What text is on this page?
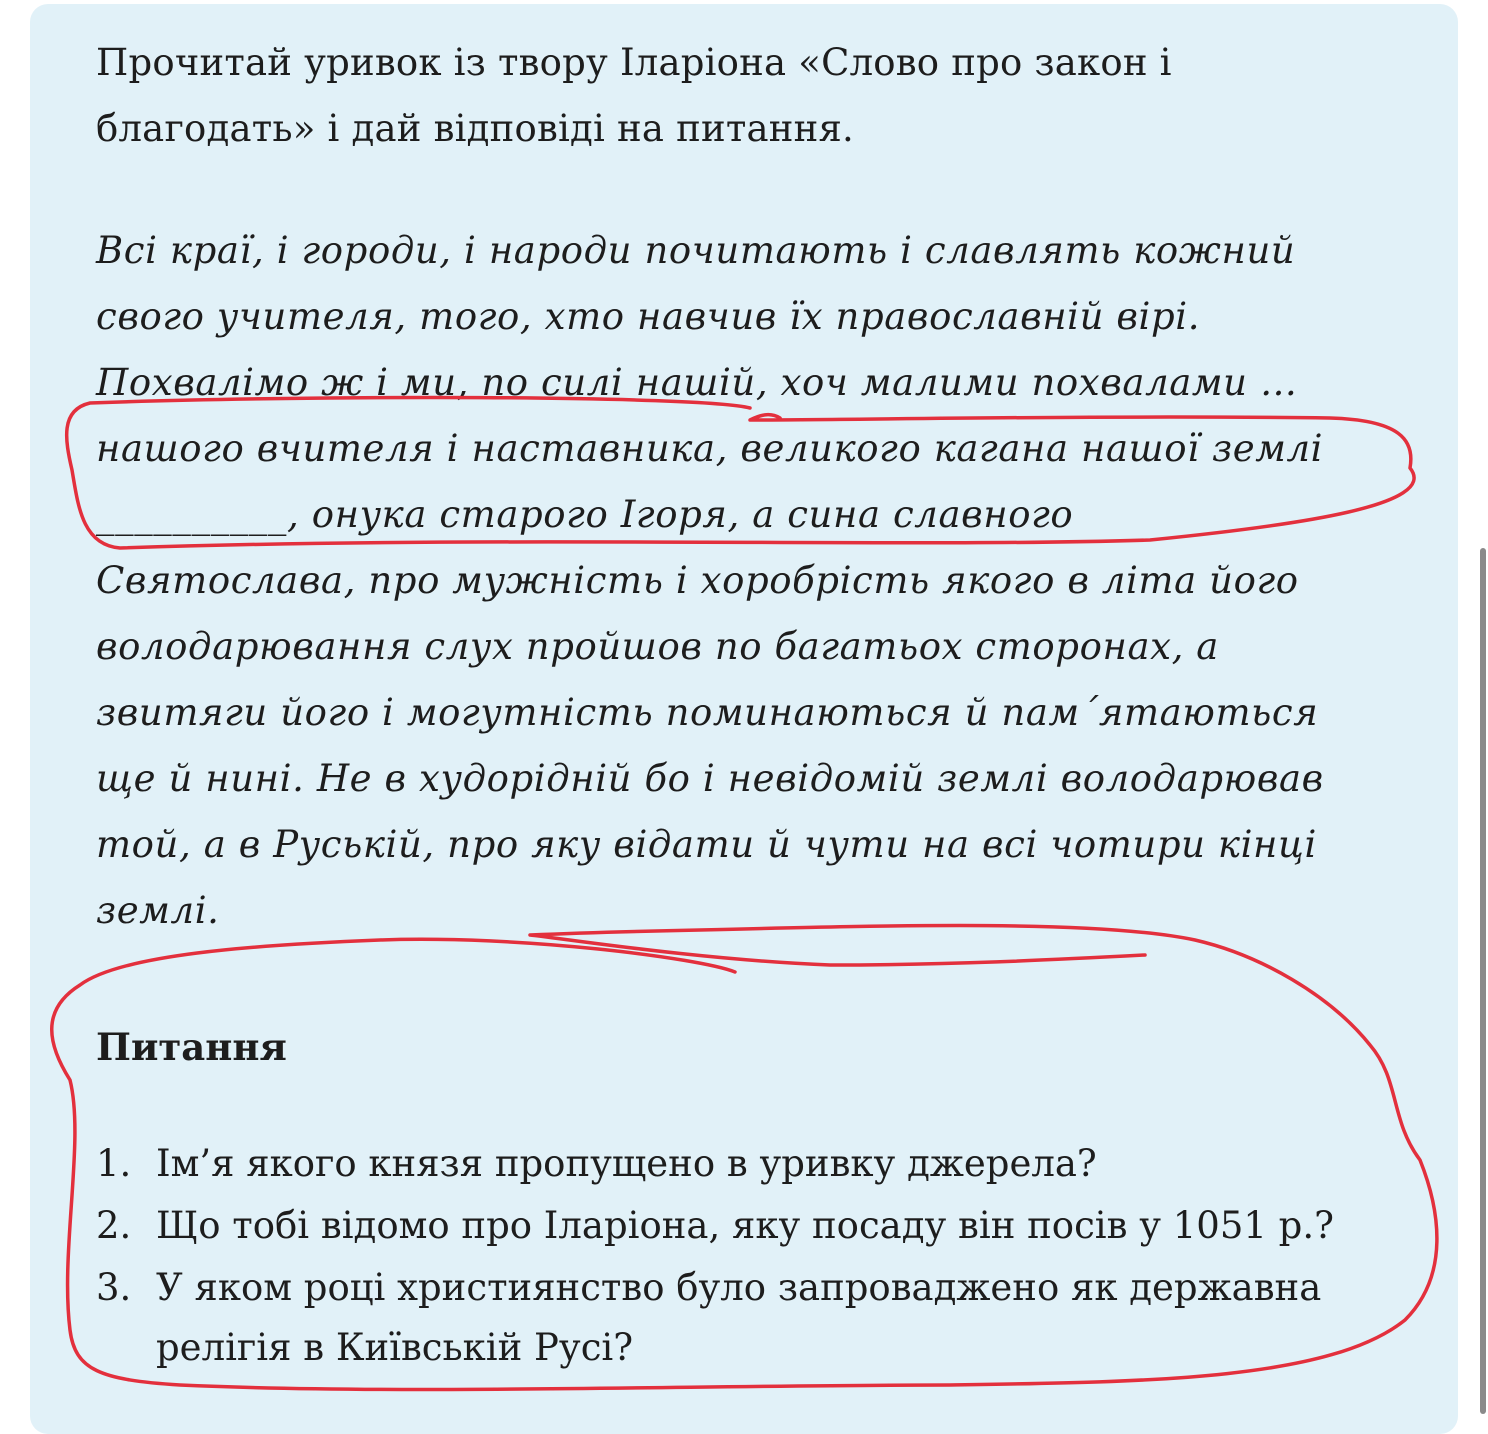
Прочитай уривок із твору Іларіона «Слово про закон і
благодать» і дай відповіді на питання.

Всі краї, і городи, і народи почитають і славлять кожний
свого учителя, того, хто навчив їх православній вірі.
Похвалімо ж і ми, по силі нашій, хоч малими похвалами …
нашого вчителя і наставника, великого кагана нашої землі
__________, онука старого Ігоря, а сина славного
Святослава, про мужність і хоробрість якого в літа його
володарювання слух пройшов по багатьох сторонах, а
звитяги його і могутність поминаються й пам´ятаються
ще й нині. Не в худорідній бо і невідомій землі володарював
той, а в Руській, про яку відати й чути на всі чотири кінці
землі.

Питання
1. Ім’я якого князя пропущено в уривку джерела?
2. Що тобі відомо про Іларіона, яку посаду він посів у 1051 р.?
3. У яком році християнство було запроваджено як державна релігія в Київській Русі?
